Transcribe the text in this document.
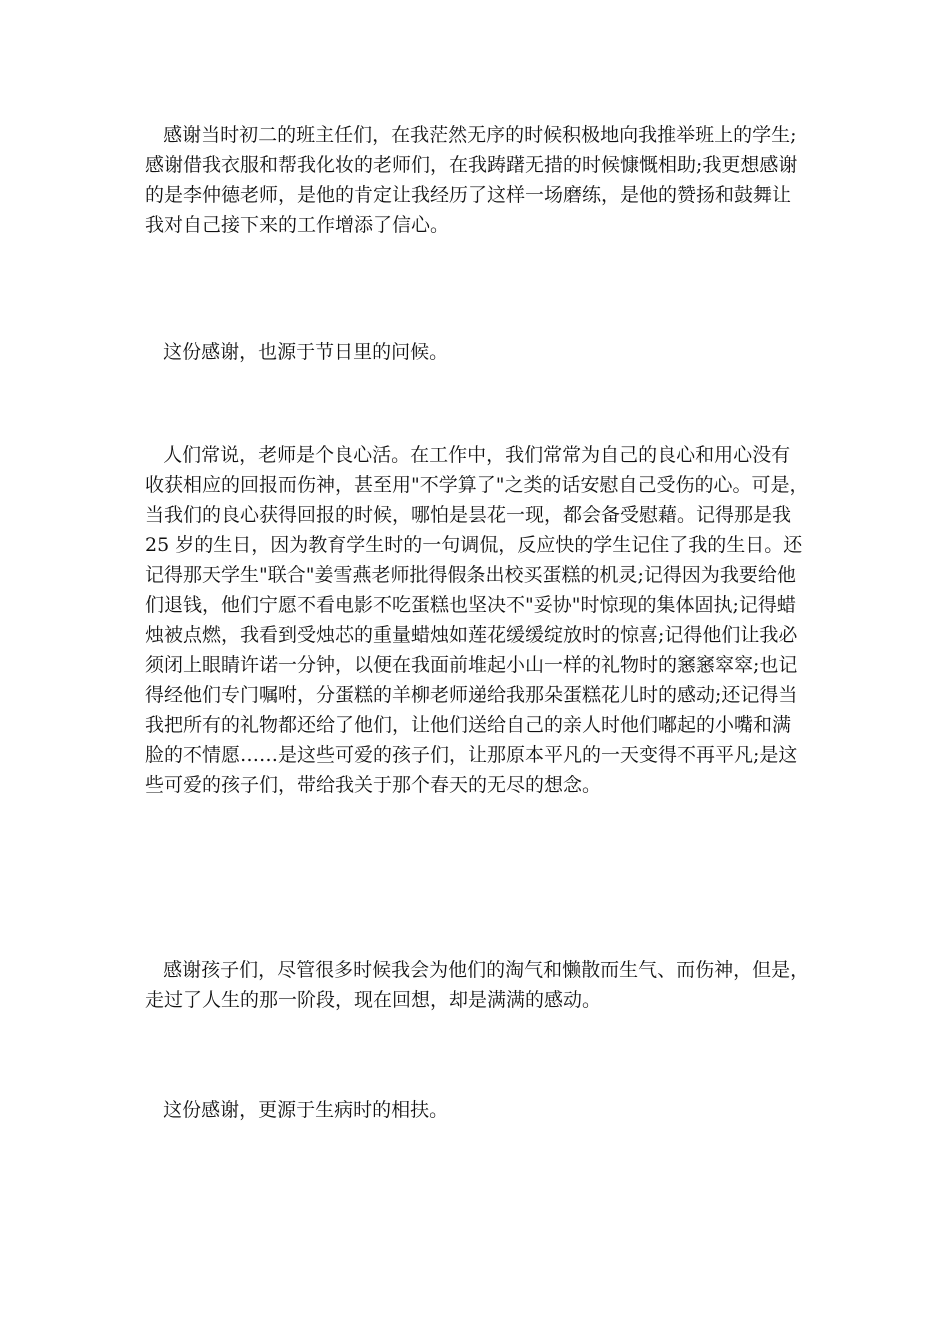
感谢当时初二的班主任们，在我茫然无序的时候积极地向我推举班上的学生;
感谢借我衣服和帮我化妆的老师们，在我踌躇无措的时候慷慨相助;我更想感谢
的是李仲德老师，是他的肯定让我经历了这样一场磨练，是他的赞扬和鼓舞让
我对自己接下来的工作增添了信心。

这份感谢，也源于节日里的问候。

人们常说，老师是个良心活。在工作中，我们常常为自己的良心和用心没有
收获相应的回报而伤神，甚至用"不学算了"之类的话安慰自己受伤的心。可是，
当我们的良心获得回报的时候，哪怕是昙花一现，都会备受慰藉。记得那是我
25 岁的生日，因为教育学生时的一句调侃，反应快的学生记住了我的生日。还
记得那天学生"联合"姜雪燕老师批得假条出校买蛋糕的机灵;记得因为我要给他
们退钱，他们宁愿不看电影不吃蛋糕也坚决不"妥协"时惊现的集体固执;记得蜡
烛被点燃，我看到受烛芯的重量蜡烛如莲花缓缓绽放时的惊喜;记得他们让我必
须闭上眼睛许诺一分钟，以便在我面前堆起小山一样的礼物时的窸窸窣窣;也记
得经他们专门嘱咐，分蛋糕的羊柳老师递给我那朵蛋糕花儿时的感动;还记得当
我把所有的礼物都还给了他们，让他们送给自己的亲人时他们嘟起的小嘴和满
脸的不情愿……是这些可爱的孩子们，让那原本平凡的一天变得不再平凡;是这
些可爱的孩子们，带给我关于那个春天的无尽的想念。

感谢孩子们，尽管很多时候我会为他们的淘气和懒散而生气、而伤神，但是，
走过了人生的那一阶段，现在回想，却是满满的感动。

这份感谢，更源于生病时的相扶。
